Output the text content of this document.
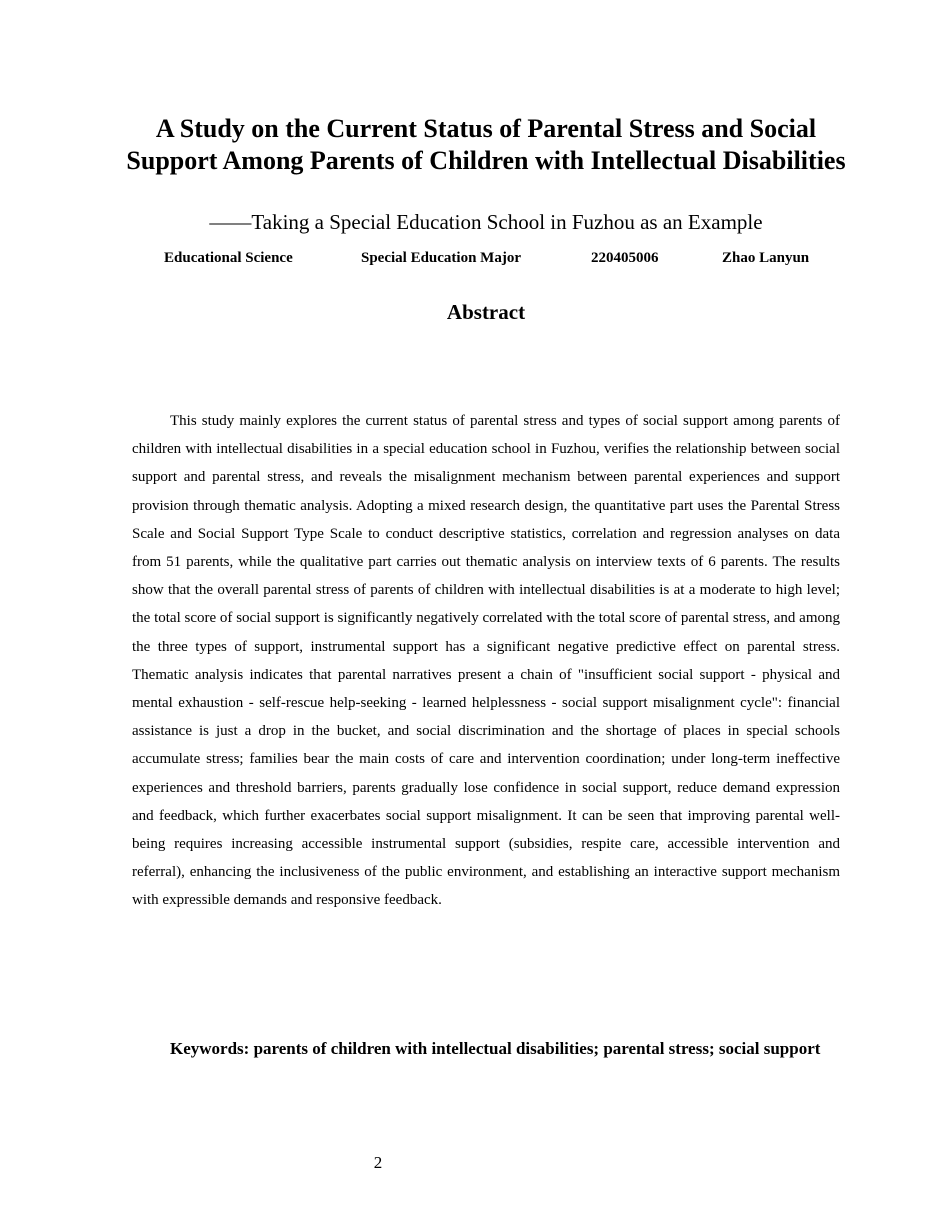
A Study on the Current Status of Parental Stress and Social Support Among Parents of Children with Intellectual Disabilities

——Taking a Special Education School in Fuzhou as an Example

Educational Science	Special Education Major	220405006	Zhao Lanyun
Abstract

This study mainly explores the current status of parental stress and types of social support among parents of children with intellectual disabilities in a special education school in Fuzhou, verifies the relationship between social support and parental stress, and reveals the misalignment mechanism between parental experiences and support provision through thematic analysis. Adopting a mixed research design, the quantitative part uses the Parental Stress Scale and Social Support Type Scale to conduct descriptive statistics, correlation and regression analyses on data from 51 parents, while the qualitative part carries out thematic analysis on interview texts of 6 parents. The results show that the overall parental stress of parents of children with intellectual disabilities is at a moderate to high level; the total score of social support is significantly negatively correlated with the total score of parental stress, and among the three types of support, instrumental support has a significant negative predictive effect on parental stress. Thematic analysis indicates that parental narratives present a chain of "insufficient social support - physical and mental exhaustion - self-rescue help-seeking - learned helplessness - social support misalignment cycle": financial assistance is just a drop in the bucket, and social discrimination and the shortage of places in special schools accumulate stress; families bear the main costs of care and intervention coordination; under long-term ineffective experiences and threshold barriers, parents gradually lose confidence in social support, reduce demand expression and feedback, which further exacerbates social support misalignment. It can be seen that improving parental well-being requires increasing accessible instrumental support (subsidies, respite care, accessible intervention and referral), enhancing the inclusiveness of the public environment, and establishing an interactive support mechanism with expressible demands and responsive feedback.

Keywords: parents of children with intellectual disabilities; parental stress; social support

2
